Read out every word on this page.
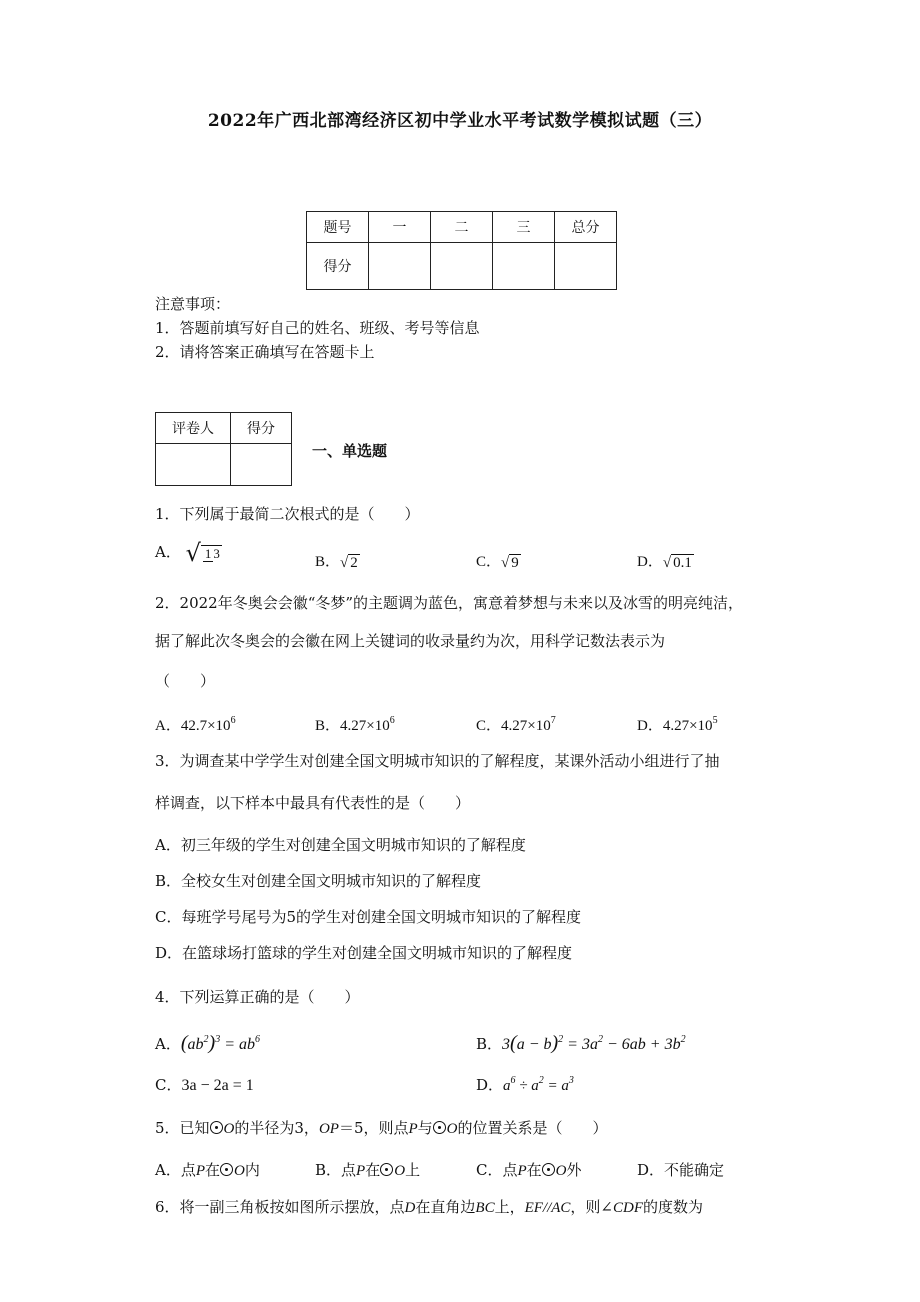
2022年广西北部湾经济区初中学业水平考试数学模拟试题（三）
题号	一	二	三	总分
得分				
注意事项：
1．答题前填写好自己的姓名、班级、考号等信息
2．请将答案正确填写在答题卡上
评卷人	得分

一、单选题
1．下列属于最简二次根式的是（　　）
A． √ 1 3
B．√ 2	C．√ 9	D．√ 0.1
2．2022年冬奥会会徽“冬梦”的主题调为蓝色，寓意着梦想与未来以及冰雪的明亮纯洁，
据了解此次冬奥会的会徽在网上关键词的收录量约为次，用科学记数法表示为
（　　）
A．$42.7\times 10^6$	B．$4.27\times 10^6$	C．$4.27\times 10^7$	D．$4.27\times 10^5$
3．为调查某中学学生对创建全国文明城市知识的了解程度，某课外活动小组进行了抽
样调查，以下样本中最具有代表性的是（　　）
A．初三年级的学生对创建全国文明城市知识的了解程度
B．全校女生对创建全国文明城市知识的了解程度
C．每班学号尾号为5的学生对创建全国文明城市知识的了解程度
D．在篮球场打篮球的学生对创建全国文明城市知识的了解程度
4．下列运算正确的是（　　）
A．$(ab^2)^3 = ab^6$	B．$3(a - b)^2 = 3a^2 - 6ab + 3b^2$
C．3a − 2a = 1	D．$a^6 \div a^2 = a^3$
5．已知 O的半径为3，OP＝5，则点P与 O的位置关系是（　　）
A．点P在 O内	B．点P在 O上	C．点P在 O外	D．不能确定
6．将一副三角板按如图所示摆放，点D在直角边BC上，EF//AC，则∠CDF的度数为
